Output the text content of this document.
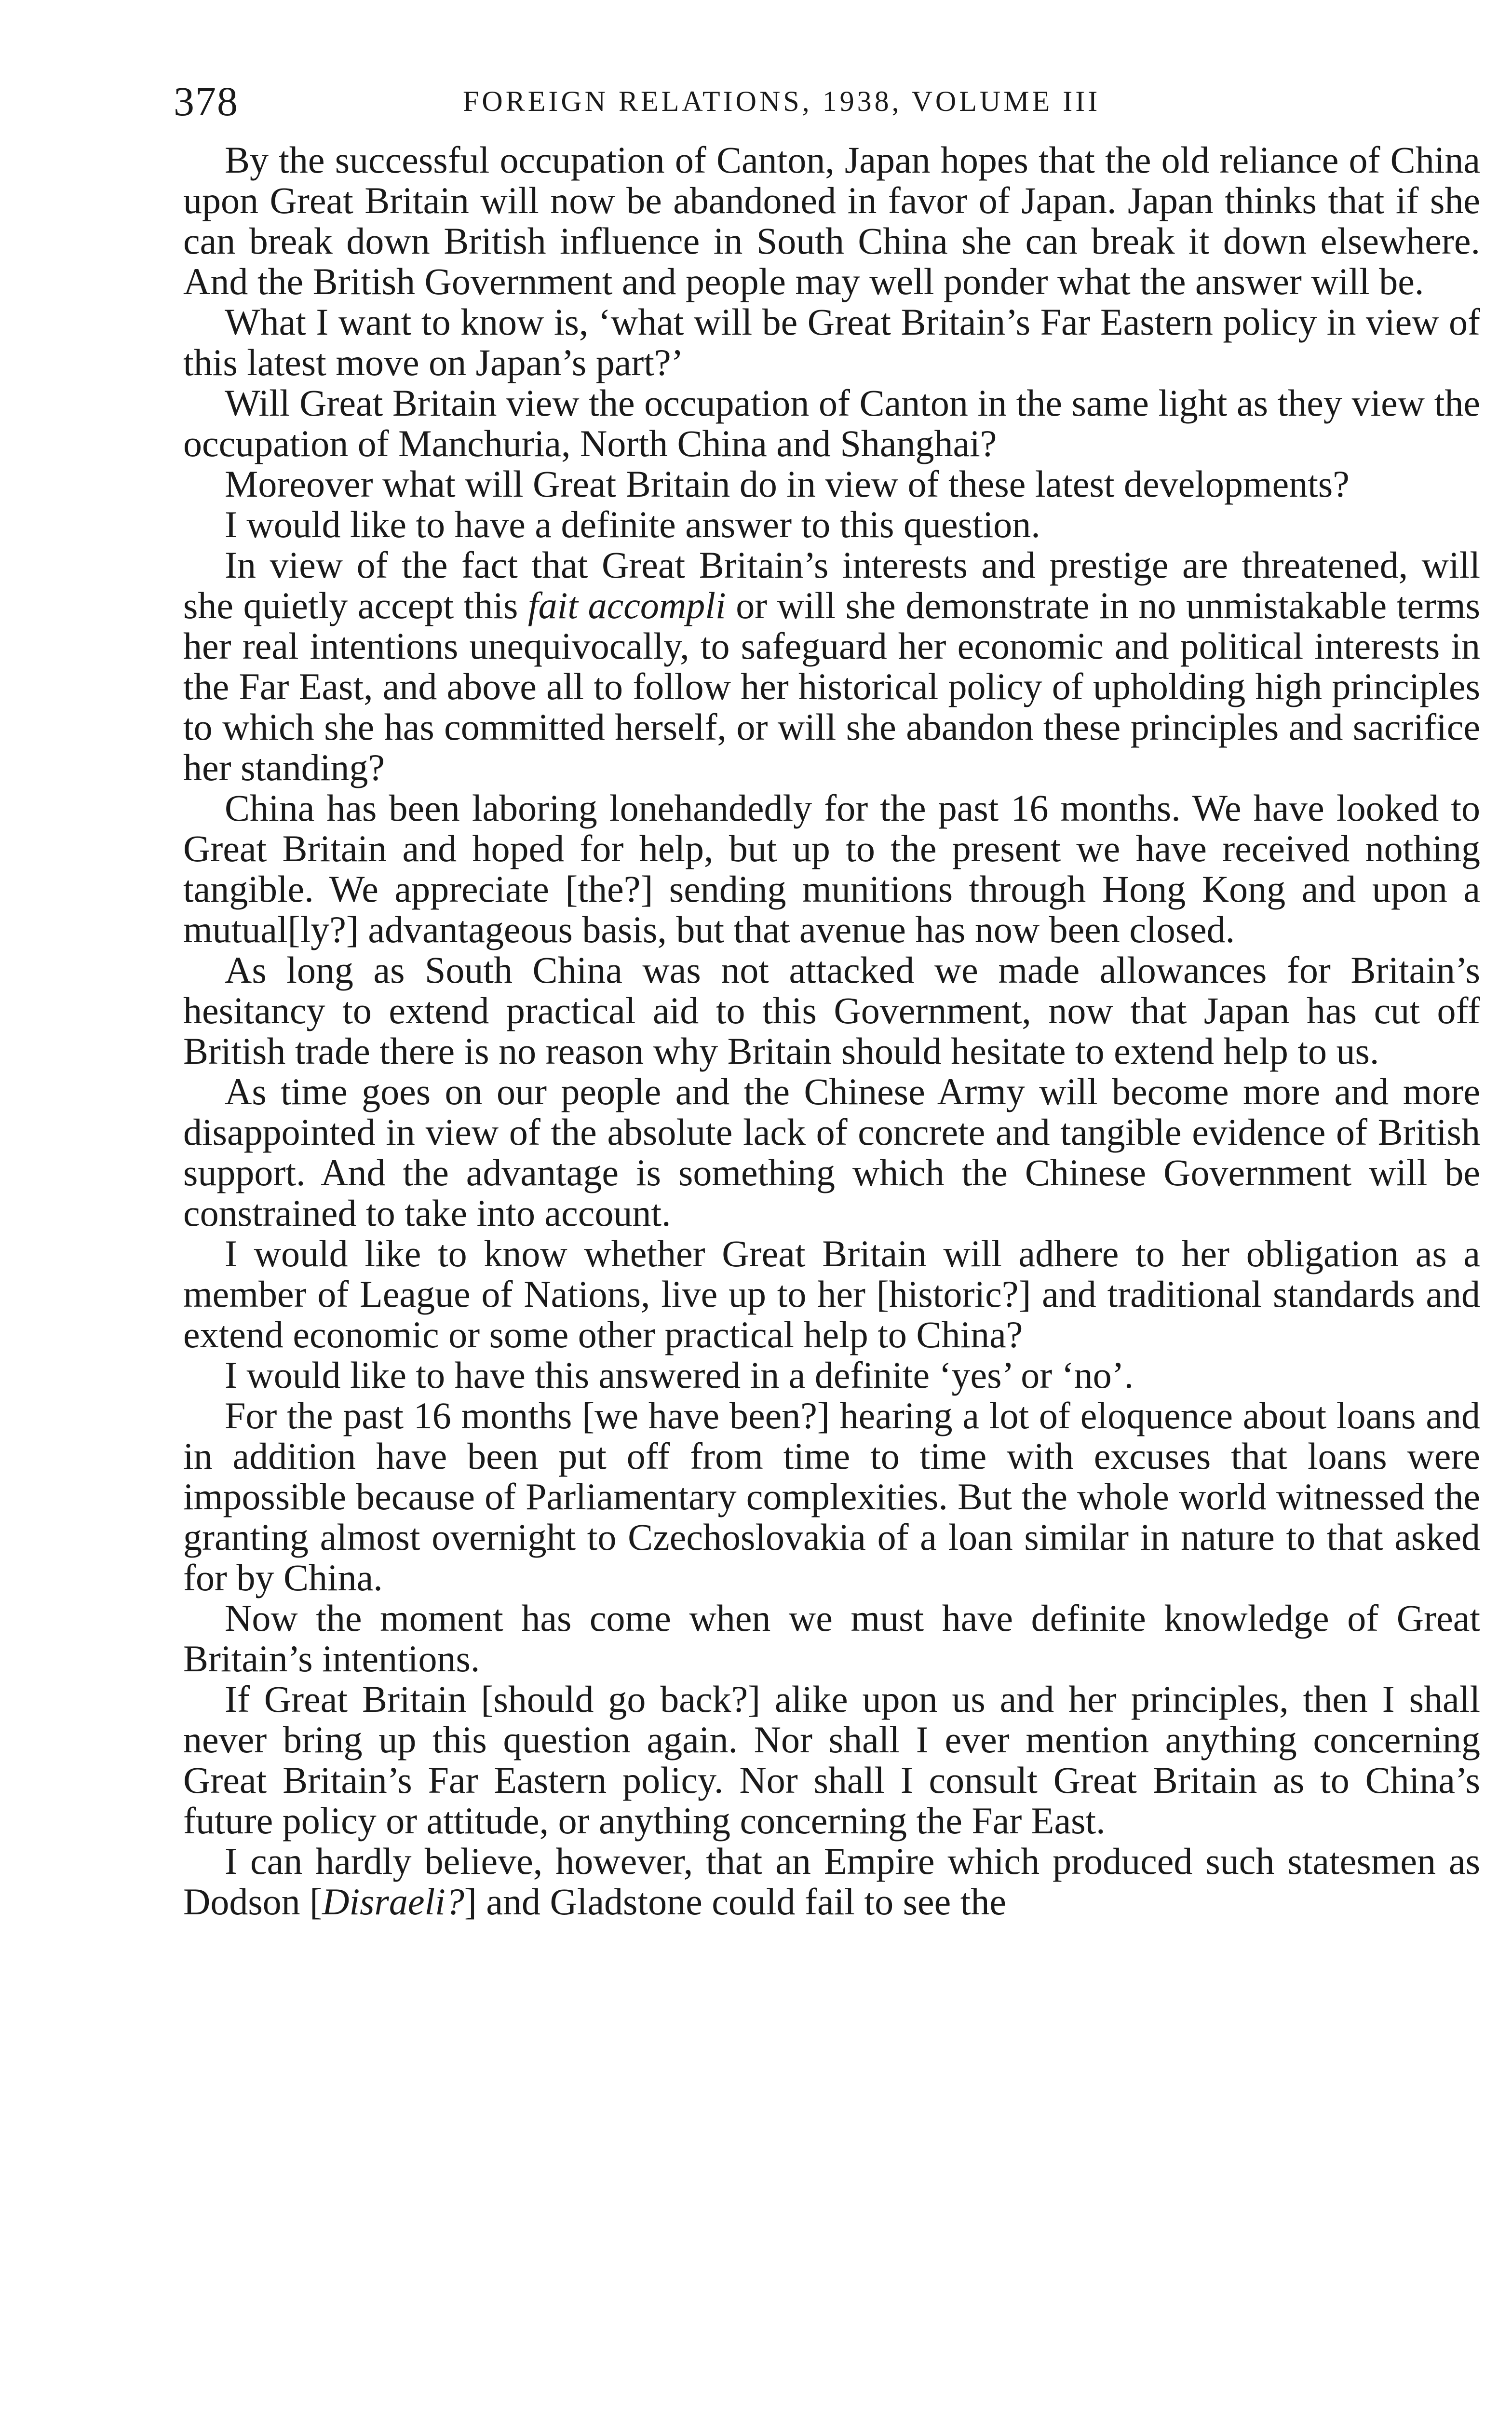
378	FOREIGN RELATIONS, 1938, VOLUME III

By the successful occupation of Canton, Japan hopes that the old reliance of China upon Great Britain will now be abandoned in favor of Japan. Japan thinks that if she can break down British influence in South China she can break it down elsewhere. And the British Government and people may well ponder what the answer will be.

What I want to know is, ‘what will be Great Britain’s Far Eastern policy in view of this latest move on Japan’s part?’

Will Great Britain view the occupation of Canton in the same light as they view the occupation of Manchuria, North China and Shanghai?

Moreover what will Great Britain do in view of these latest developments?

I would like to have a definite answer to this question.

In view of the fact that Great Britain’s interests and prestige are threatened, will she quietly accept this fait accompli or will she demonstrate in no unmistakable terms her real intentions unequivocally, to safeguard her economic and political interests in the Far East, and above all to follow her historical policy of upholding high principles to which she has committed herself, or will she abandon these principles and sacrifice her standing?

China has been laboring lonehandedly for the past 16 months. We have looked to Great Britain and hoped for help, but up to the present we have received nothing tangible. We appreciate [the?] sending munitions through Hong Kong and upon a mutual[ly?] advantageous basis, but that avenue has now been closed.

As long as South China was not attacked we made allowances for Britain’s hesitancy to extend practical aid to this Government, now that Japan has cut off British trade there is no reason why Britain should hesitate to extend help to us.

As time goes on our people and the Chinese Army will become more and more disappointed in view of the absolute lack of concrete and tangible evidence of British support. And the advantage is something which the Chinese Government will be constrained to take into account.

I would like to know whether Great Britain will adhere to her obligation as a member of League of Nations, live up to her [historic?] and traditional standards and extend economic or some other practical help to China?

I would like to have this answered in a definite ‘yes’ or ‘no’.

For the past 16 months [we have been?] hearing a lot of eloquence about loans and in addition have been put off from time to time with excuses that loans were impossible because of Parliamentary complexities. But the whole world witnessed the granting almost overnight to Czechoslovakia of a loan similar in nature to that asked for by China.

Now the moment has come when we must have definite knowledge of Great Britain’s intentions.

If Great Britain [should go back?] alike upon us and her principles, then I shall never bring up this question again. Nor shall I ever mention anything concerning Great Britain’s Far Eastern policy. Nor shall I consult Great Britain as to China’s future policy or attitude, or anything concerning the Far East.

I can hardly believe, however, that an Empire which produced such statesmen as Dodson [Disraeli?] and Gladstone could fail to see the
